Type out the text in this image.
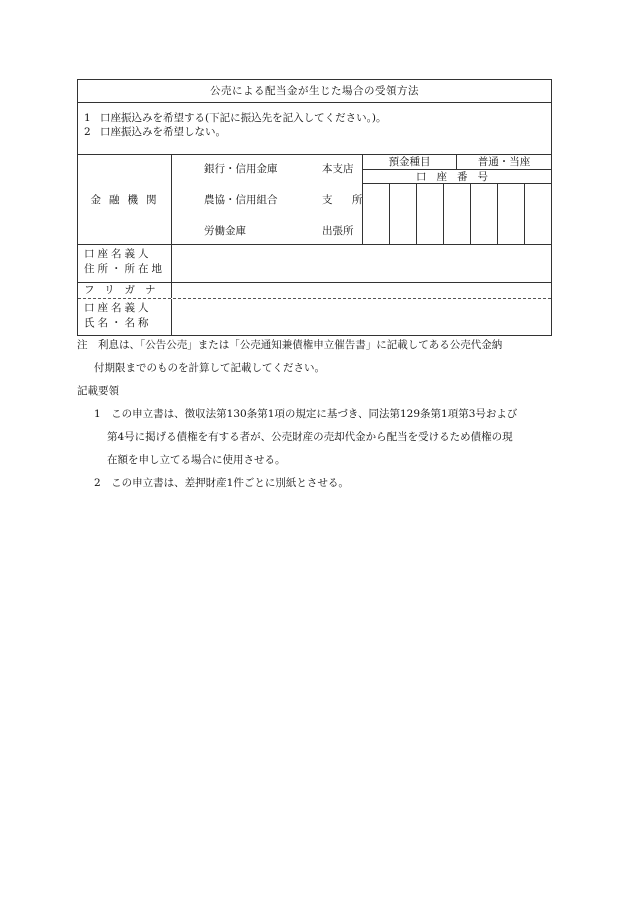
公売による配当金が生じた場合の受領方法
1 口座振込みを希望する(下記に振込先を記入してください。)。
2 口座振込みを希望しない。
金融機関
銀行・信用金庫
農協・信用組合
労働金庫
本支店
支 所
出張所
預金種目	普通・当座
口座番号
口座名義人
住所・所在地
フリガナ
口座名義人
氏名・名称
注　利息は、「公告公売」または「公売通知兼債権申立催告書」に記載してある公売代金納
付期限までのものを計算して記載してください。
記載要領
1　この申立書は、徴収法第130条第1項の規定に基づき、同法第129条第1項第3号および
第4号に掲げる債権を有する者が、公売財産の売却代金から配当を受けるため債権の現
在額を申し立てる場合に使用させる。
2　この申立書は、差押財産1件ごとに別紙とさせる。
